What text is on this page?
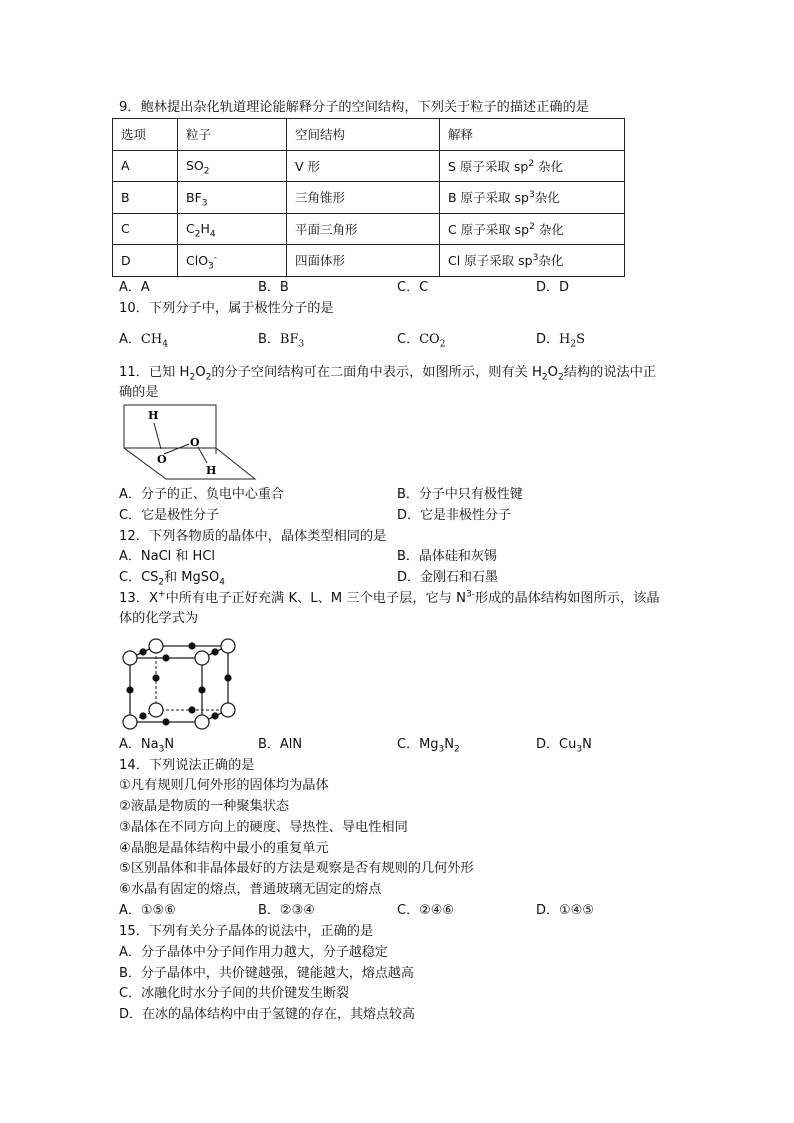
9．鲍林提出杂化轨道理论能解释分子的空间结构，下列关于粒子的描述正确的是
选项	粒子	空间结构	解释
A	$SO_2$	V 形	S 原子采取 $sp^2$ 杂化
B	$BF_3$	三角锥形	B 原子采取 $sp^3$杂化
C	$C_2H_4$	平面三角形	C 原子采取 $sp^2$ 杂化
D	ClO$_3$-	四面体形	Cl 原子采取 $sp^3$杂化
A．A	B．B	C．C	D．D
10．下列分子中，属于极性分子的是
A．$CH_4$	B．$BF_3$	C．$CO_2$	D．$H_2S$
11．已知 $H_2O_2$的分子空间结构可在二面角中表示，如图所示，则有关 $H_2O_2$结构的说法中正
确的是
H
O
O
H
A．分子的正、负电中心重合	B．分子中只有极性键
C．它是极性分子	D．它是非极性分子
12．下列各物质的晶体中，晶体类型相同的是
A．NaCl 和 HCl	B．晶体硅和灰锡
C．$CS_2$和 MgSO$_4$	D．金刚石和石墨
13．X+中所有电子正好充满 K、L、M 三个电子层，它与 $N^{3-}$形成的晶体结构如图所示，该晶
体的化学式为
A．$Na_3N$	B．AlN	C．$Mg_3N_2$	D．$Cu_3N$
14．下列说法正确的是
①凡有规则几何外形的固体均为晶体
②液晶是物质的一种聚集状态
③晶体在不同方向上的硬度、导热性、导电性相同
④晶胞是晶体结构中最小的重复单元
⑤区别晶体和非晶体最好的方法是观察是否有规则的几何外形
⑥水晶有固定的熔点，普通玻璃无固定的熔点
A．①⑤⑥	B．②③④	C．②④⑥	D．①④⑤
15．下列有关分子晶体的说法中，正确的是
A．分子晶体中分子间作用力越大，分子越稳定
B．分子晶体中，共价键越强，键能越大，熔点越高
C．冰融化时水分子间的共价键发生断裂
D．在冰的晶体结构中由于氢键的存在，其熔点较高
